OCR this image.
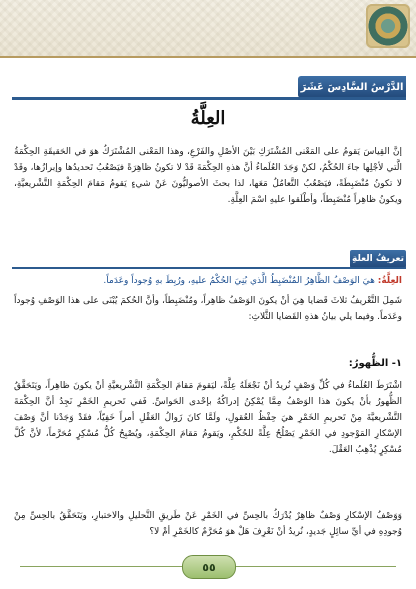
الدَّرْسُ السَّادِسَ عَشَرَ
العِلَّةُ
إنَّ القِياسَ يَقومُ على المَعْنى المُشْتَرَكِ بَيْنَ الأصْلِ والفَرْعِ، وهذا المَعْنى المُشْتَرَكُ هوَ في الحَقيقَةِ الحِكْمَةُ الَّتي لأجْلِها جاءَ الحُكْمُ، لكنْ وَجَدَ العُلَماءُ أنَّ هذهِ الحِكْمَةَ قَدْ لا تكونُ ظاهِرَةً فيَصْعُبُ تَحديدُها وإبرازُها، وقَدْ لا تكونُ مُنْضَبِطَةً، فيَصْعُبُ التَّعامُلُ مَعَها، لذا بحثَ الأصوليُّونَ عَنْ شيءٍ يَقومُ مَقامَ الحِكْمَةِ التَّشْريعيَّةِ، ويكونُ ظاهِراً مُنْضَبِطاً، وأطْلَقوا عليهِ اسْمَ العِلَّةِ.
تعريفُ العلةِ
العِلَّةُ: هيَ الوَصْفُ الظَّاهِرُ المُنْضَبِطُ الَّذي بُنِيَ الحُكْمُ عليهِ، ورُبِطَ بهِ وُجوداً وعَدَماً.
شَمِلَ التَّعْريفُ ثلاثَ قَضايا هِيَ أنْ يكونَ الوَصْفُ ظاهِراً، ومُنْضَبِطاً، وأنَّ الحُكمَ يُبْنَى على هذا الوَصْفِ وُجوداً وعَدَماً. وفيما يلي بيانُ هذهِ القَضايا الثَّلاثِ:
١- الظُّهورُ:
اشْتَرَطَ العُلَماءُ في كُلِّ وَصْفٍ نُريدُ أنْ نَجْعَلَهُ عِلَّةً، ليَقومَ مَقامَ الحِكْمَةِ التَّشْريعيَّةِ أنْ يكونَ ظاهِراً، ويَتَحَقَّقُ الظُّهورُ بأنْ يكونَ هذا الوَصْفُ مِمَّا يُمْكِنُ إدراكُهُ بإحْدى الحَواسِّ. فَفي تَحريمِ الخَمْرِ نَجِدُ أنَّ الحِكْمَةَ التَّشْريعيَّةَ مِنْ تَحريمِ الخَمْرِ هيَ حِفْظُ العُقولِ، ولَمَّا كانَ زَوالُ العَقْلِ أمراً خَفِيّاً، فقَدْ وَجَدْنا أنَّ وَصْفَ الإسْكارِ المَوْجودِ في الخَمْرِ يَصْلُحُ عِلَّةً للحُكْمِ، ويَقومُ مَقامَ الحِكْمَةِ، ويُصْبِحُ كُلُّ مُسْكِرٍ مُحَرَّماً، لأنَّ كُلَّ مُسْكِرٍ يُذْهِبُ العَقْلَ.
وَوَصْفُ الإسْكارِ وَصْفٌ ظاهِرٌ يُدْرَكُ بالحِسِّ في الخَمْرِ عَنْ طَريقِ التَّحليلِ والاختبارِ، ويَتَحَقَّقُ بالحِسِّ مِنْ وُجودِهِ في أيِّ سائِلٍ جَديدٍ، نُريدُ أنْ نَعْرِفَ هَلْ هوَ مُحَرَّمٌ كالخَمْرِ أمْ لا؟
٥٥
